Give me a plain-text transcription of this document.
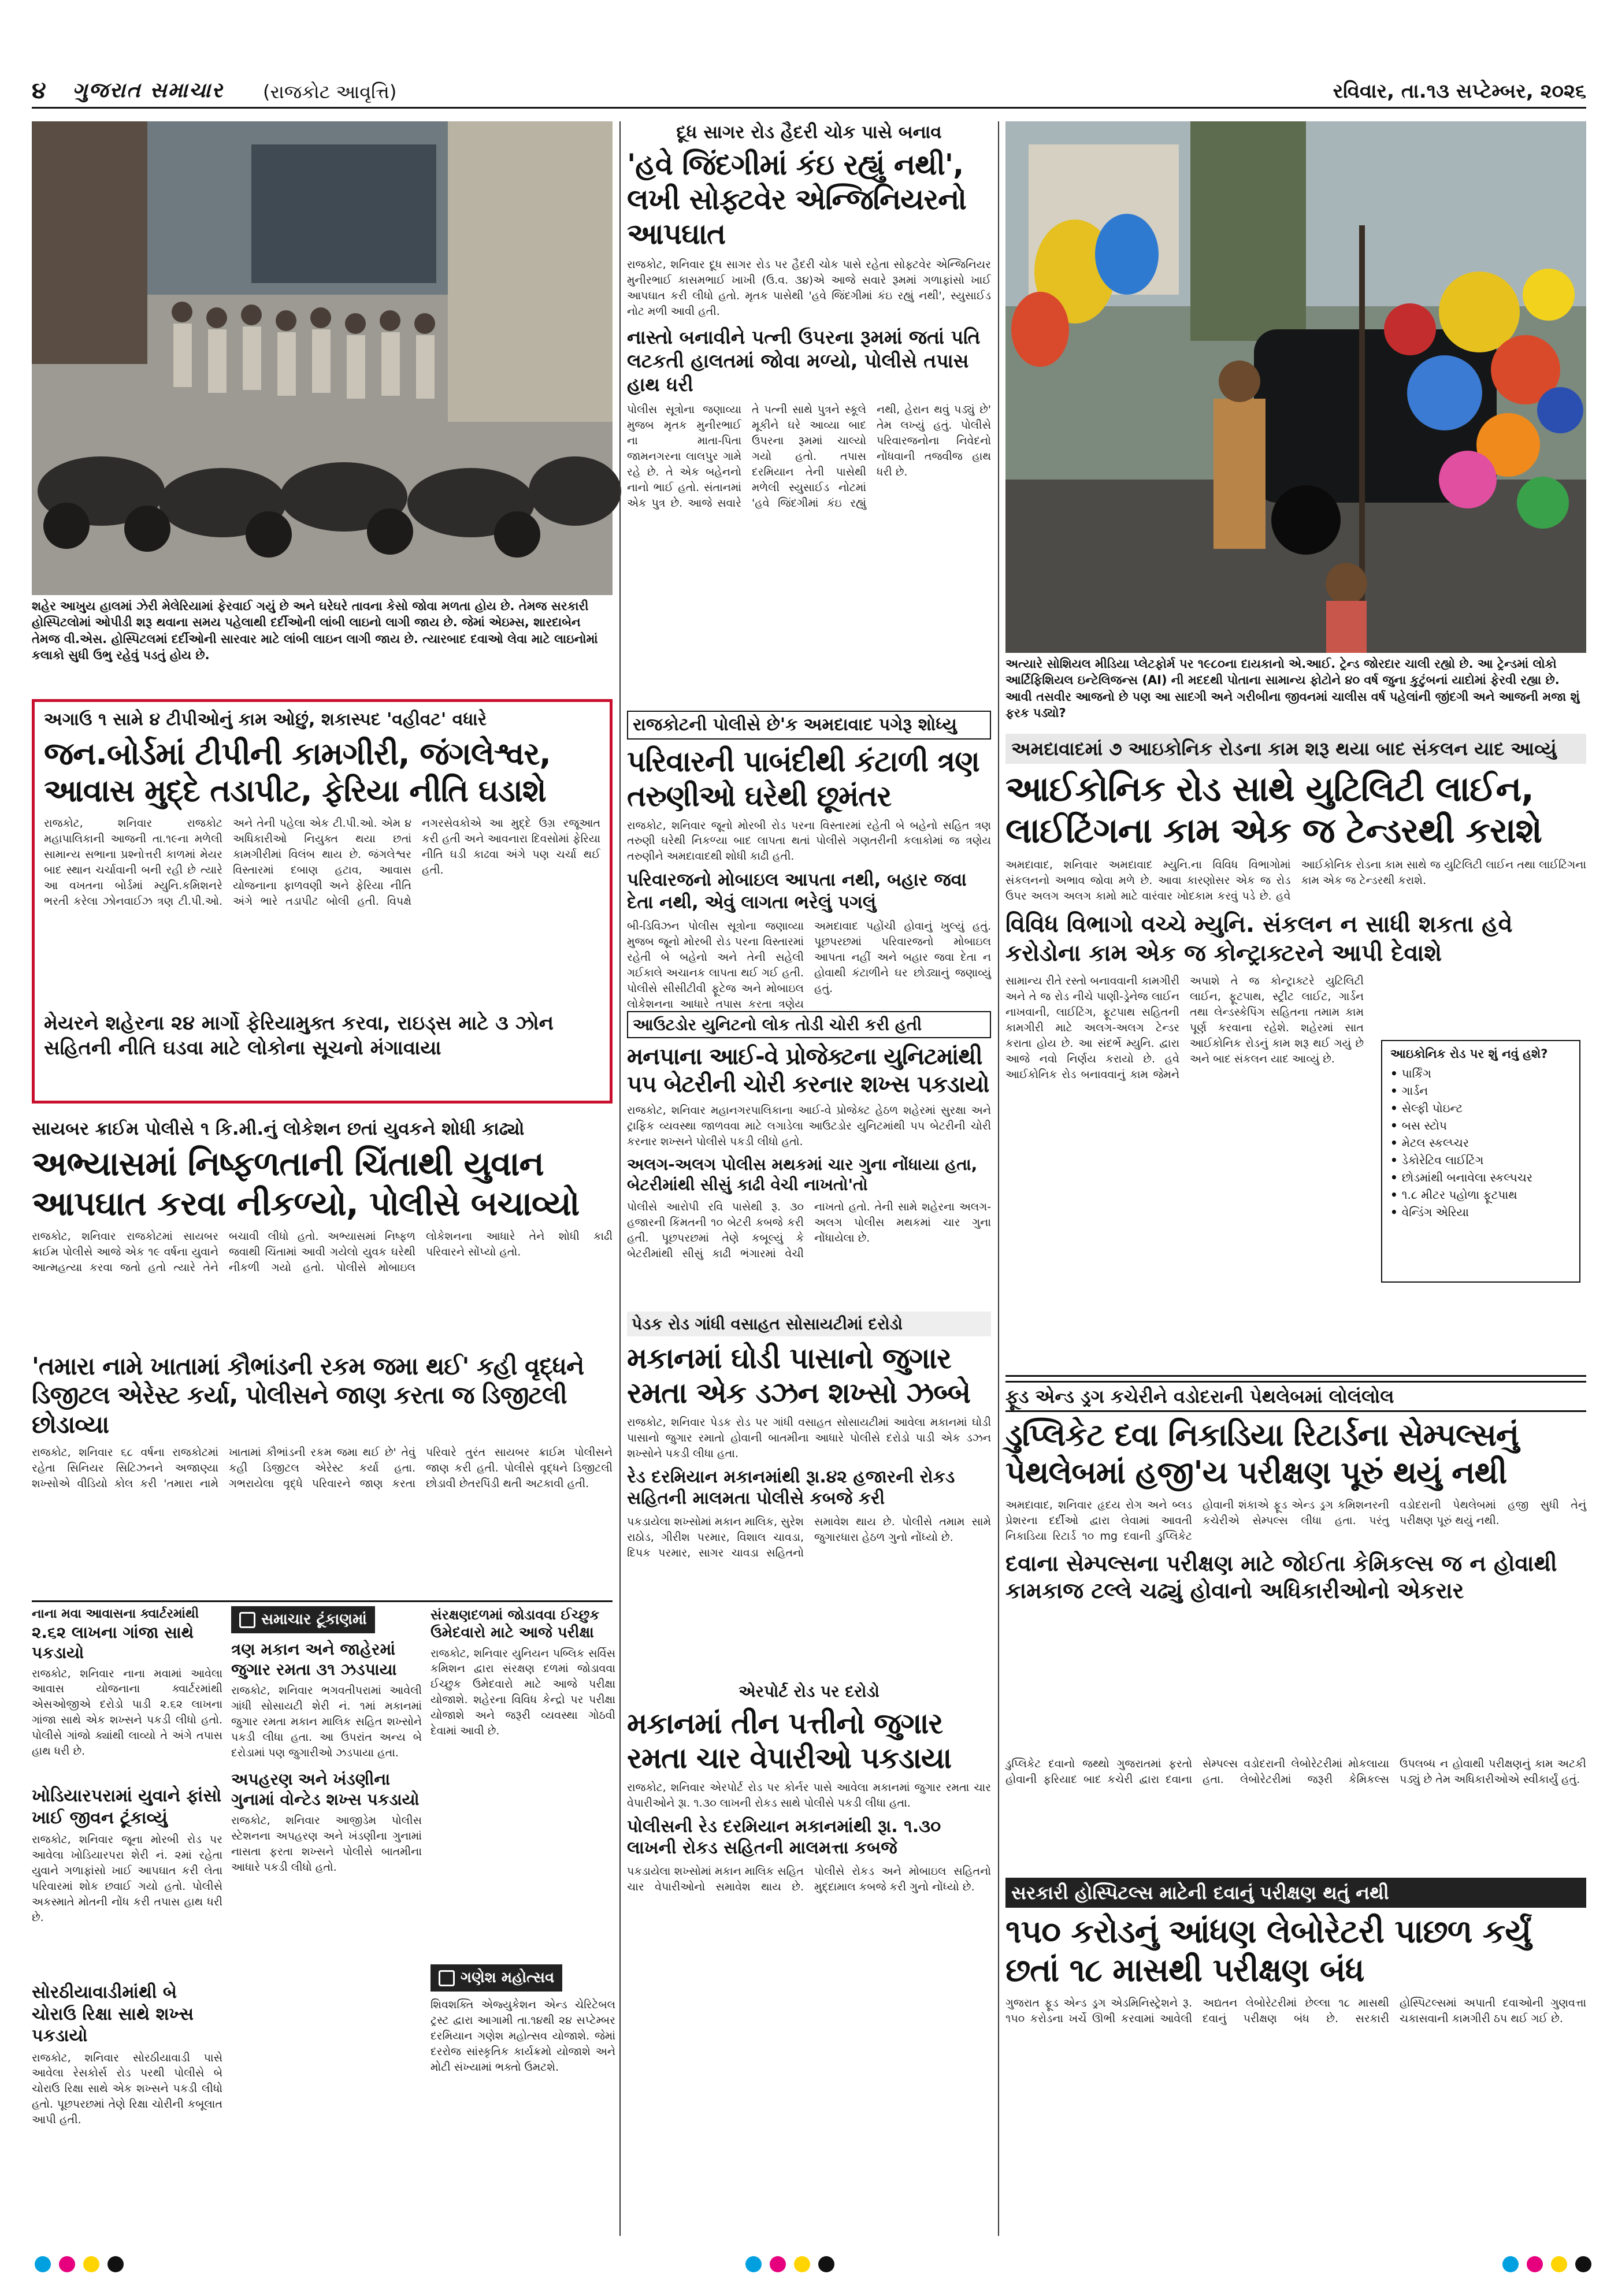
૪ ગુજરાત સમાચાર (રાજકોટ આવૃત્તિ)	રવિવાર, તા.૧૩ સપ્ટેમ્બર, ૨૦૨૬
શહેર આખુય હાલમાં ઝેરી મેલેરિયામાં ફેરવાઈ ગયું છે અને ઘરેઘરે તાવના કેસો જોવા મળતા હોય છે. તેમજ સરકારી હોસ્પિટલોમાં ઓપીડી શરૂ થવાના સમય પહેલાથી દર્દીઓની લાંબી લાઇનો લાગી જાય છે. જેમાં એઇમ્સ, શારદાબેન તેમજ વી.એસ. હોસ્પિટલમાં દર્દીઓની સારવાર માટે લાંબી લાઇન લાગી જાય છે. ત્યારબાદ દવાઓ લેવા માટે લાઇનોમાં કલાકો સુધી ઉભુ રહેવું પડતું હોય છે.
દૂધ સાગર રોડ હૈદરી ચોક પાસે બનાવ
'હવે જિંદગીમાં કંઇ રહ્યું નથી', લખી સોફ્ટવેર એન્જિનિયરનો આપઘાત
રાજકોટ, શનિવાર દૂધ સાગર રોડ પર હૈદરી ચોક પાસે રહેતા સોફ્ટવેર એન્જિનિયર મુનીરભાઈ કાસમભાઈ ખાખી (ઉ.વ. ૩૪)એ આજે સવારે રૂમમાં ગળાફાંસો ખાઈ આપઘાત કરી લીધો હતો. મૃતક પાસેથી 'હવે જિંદગીમાં કંઇ રહ્યું નથી', સ્યુસાઈડ નોટ મળી આવી હતી.
નાસ્તો બનાવીને પત્ની ઉપરના રૂમમાં જતાં પતિ લટકતી હાલતમાં જોવા મળ્યો, પોલીસે તપાસ હાથ ધરી
પોલીસ સૂત્રોના જણાવ્યા મુજબ મૃતક મુનીરભાઈ ના માતા-પિતા જામનગરના લાલપુર ગામે રહે છે. તે એક બહેનનો નાનો ભાઈ હતો. સંતાનમાં એક પુત્ર છે. આજે સવારે તે પત્ની સાથે પુત્રને સ્કૂલે મૂકીને ઘરે આવ્યા બાદ ઉપરના રૂમમાં ચાલ્યો ગયો હતો. તપાસ દરમિયાન તેની પાસેથી મળેલી સ્યુસાઈડ નોટમાં 'હવે જિંદગીમાં કંઇ રહ્યું નથી, હેરાન થવું પડ્યું છે' તેમ લખ્યું હતું. પોલીસે પરિવારજનોના નિવેદનો નોંધવાની તજવીજ હાથ ધરી છે.
અત્યારે સોશિયલ મીડિયા પ્લેટફોર્મ પર ૧૯૮૦ના દાયકાનો એ.આઈ. ટ્રેન્ડ જોરદાર ચાલી રહ્યો છે. આ ટ્રેન્ડમાં લોકો આર્ટિફિશિયલ ઇન્ટેલિજન્સ (AI) ની મદદથી પોતાના સામાન્ય ફોટોને ૪૦ વર્ષ જુના કુટુંબનાં યાદોમાં ફેરવી રહ્યા છે. આવી તસવીર આજનો છે પણ આ સાદગી અને ગરીબીના જીવનમાં ચાલીસ વર્ષ પહેલાંની જીંદગી અને આજની મજા શું ફરક પડ્યો?
અગાઉ ૧ સામે ૪ ટીપીઓનું કામ ઓછું, શકાસ્પદ 'વહીવટ' વધારે
જન.બોર્ડમાં ટીપીની કામગીરી, જંગલેશ્વર, આવાસ મુદ્દે તડાપીટ, ફેરિયા નીતિ ઘડાશે
રાજકોટ, શનિવાર રાજકોટ મહાપાલિકાની આજની તા.૧૯ના મળેલી સામાન્ય સભાના પ્રશ્નોત્તરી કાળમાં મેયર બાદ સ્થાન ચર્ચાવાની બની રહી છે ત્યારે આ વખતના બોર્ડમાં મ્યુનિ.કમિશનરે ભરતી કરેલા ઝોનવાઈઝ ત્રણ ટી.પી.ઓ. અને તેની પહેલા એક ટી.પી.ઓ. એમ ૪ અધિકારીઓ નિયુક્ત થયા છતાં કામગીરીમાં વિલંબ થાય છે. જંગલેશ્વર વિસ્તારમાં દબાણ હટાવ, આવાસ યોજનાના ફાળવણી અને ફેરિયા નીતિ અંગે ભારે તડાપીટ બોલી હતી. વિપક્ષે નગરસેવકોએ આ મુદ્દે ઉગ્ર રજૂઆત કરી હતી અને આવનારા દિવસોમાં ફેરિયા નીતિ ઘડી કાઢવા અંગે પણ ચર્ચા થઈ હતી.
મેયરને શહેરના ૨૪ માર્ગો ફેરિયામુક્ત કરવા, રાઇડ્સ માટે ૩ ઝોન સહિતની નીતિ ઘડવા માટે લોકોના સૂચનો મંગાવાયા
રાજકોટની પોલીસે છે'ક અમદાવાદ પગેરૂ શોધ્યુ
પરિવારની પાબંદીથી કંટાળી ત્રણ તરુણીઓ ઘરેથી છૂમંતર
રાજકોટ, શનિવાર જૂનો મોરબી રોડ પરના વિસ્તારમાં રહેતી બે બહેનો સહિત ત્રણ તરુણી ઘરેથી નિકળ્યા બાદ લાપતા થતાં પોલીસે ગણતરીની કલાકોમાં જ ત્રણેય તરુણીને અમદાવાદથી શોધી કાઢી હતી.
પરિવારજનો મોબાઇલ આપતા નથી, બહાર જવા દેતા નથી, એવું લાગતા ભરેલું પગલું
બી-ડિવિઝન પોલીસ સૂત્રોના જણાવ્યા મુજબ જૂનો મોરબી રોડ પરના વિસ્તારમાં રહેતી બે બહેનો અને તેની સહેલી ગઈકાલે અચાનક લાપતા થઈ ગઈ હતી. પોલીસે સીસીટીવી ફૂટેજ અને મોબાઇલ લોકેશનના આધારે તપાસ કરતા ત્રણેય અમદાવાદ પહોંચી હોવાનું ખુલ્યું હતું. પૂછપરછમાં પરિવારજનો મોબાઇલ આપતા નહીં અને બહાર જવા દેતા ન હોવાથી કંટાળીને ઘર છોડ્યાનું જણાવ્યું હતું.
અમદાવાદમાં ૭ આઇકોનિક રોડના કામ શરૂ થયા બાદ સંકલન યાદ આવ્યું
આઈકોનિક રોડ સાથે યુટિલિટી લાઈન, લાઈટિંગના કામ એક જ ટેન્ડરથી કરાશે
અમદાવાદ, શનિવાર અમદાવાદ મ્યુનિ.ના વિવિધ વિભાગોમાં સંકલનનો અભાવ જોવા મળે છે. આવા કારણોસર એક જ રોડ ઉપર અલગ અલગ કામો માટે વારંવાર ખોદકામ કરવું પડે છે. હવે આઈકોનિક રોડના કામ સાથે જ યુટિલિટી લાઈન તથા લાઈટિંગના કામ એક જ ટેન્ડરથી કરાશે.
વિવિધ વિભાગો વચ્ચે મ્યુનિ. સંકલન ન સાધી શકતા હવે કરોડોના કામ એક જ કોન્ટ્રાક્ટરને આપી દેવાશે
સામાન્ય રીતે રસ્તો બનાવવાની કામગીરી અને તે જ રોડ નીચે પાણી-ડ્રેનેજ લાઈન નાખવાની, લાઈટિંગ, ફૂટપાથ સહિતની કામગીરી માટે અલગ-અલગ ટેન્ડર કરાતા હોય છે. આ સંદર્ભે મ્યુનિ. દ્વારા આજે નવો નિર્ણય કરાયો છે. હવે આઈકોનિક રોડ બનાવવાનું કામ જેમને અપાશે તે જ કોન્ટ્રાક્ટરે યુટિલિટી લાઈન, ફૂટપાથ, સ્ટ્રીટ લાઈટ, ગાર્ડન તથા લેન્ડસ્કેપિંગ સહિતના તમામ કામ પૂર્ણ કરવાના રહેશે. શહેરમાં સાત આઈકોનિક રોડનું કામ શરૂ થઈ ગયું છે અને બાદ સંકલન યાદ આવ્યું છે.	આઇકોનિક રોડ પર શું નવું હશે?
• પાર્કિંગ
• ગાર્ડન
• સેલ્ફી પોઇન્ટ
• બસ સ્ટોપ
• મેટલ સ્કલ્પ્ચર
• ડેકોરેટિવ લાઈટિંગ
• છોડમાંથી બનાવેલા સ્કલ્પચર
• ૧.૮ મીટર પહોળા ફૂટપાથ
• વેન્ડિંગ એરિયા
સાયબર ક્રાઈમ પોલીસે ૧ કિ.મી.નું લોકેશન છતાં યુવકને શોધી કાઢ્યો
અભ્યાસમાં નિષ્ફળતાની ચિંતાથી યુવાન આપઘાત કરવા નીકળ્યો, પોલીસે બચાવ્યો
રાજકોટ, શનિવાર રાજકોટમાં સાયબર ક્રાઈમ પોલીસે આજે એક ૧૯ વર્ષના યુવાને આત્મહત્યા કરવા જતો હતો ત્યારે તેને બચાવી લીધો હતો. અભ્યાસમાં નિષ્ફળ જવાથી ચિંતામાં આવી ગયેલો યુવક ઘરેથી નીકળી ગયો હતો. પોલીસે મોબાઇલ લોકેશનના આધારે તેને શોધી કાઢી પરિવારને સોંપ્યો હતો.
'તમારા નામે ખાતામાં કૌભાંડની રકમ જમા થઈ' કહી વૃદ્ધને ડિજીટલ એરેસ્ટ કર્યા, પોલીસને જાણ કરતા જ ડિજીટલી છોડાવ્યા
રાજકોટ, શનિવાર ૬૮ વર્ષના રાજકોટમાં રહેતા સિનિયર સિટિઝનને અજાણ્યા શખ્સોએ વીડિયો કોલ કરી 'તમારા નામે ખાતામાં કૌભાંડની રકમ જમા થઈ છે' તેવું કહી ડિજીટલ એરેસ્ટ કર્યા હતા. ગભરાયેલા વૃદ્ધે પરિવારને જાણ કરતા પરિવારે તુરંત સાયબર ક્રાઈમ પોલીસને જાણ કરી હતી. પોલીસે વૃદ્ધને ડિજીટલી છોડાવી છેતરપિંડી થતી અટકાવી હતી.
આઉટડોર યુનિટનો લોક તોડી ચોરી કરી હતી
મનપાના આઈ-વે પ્રોજેક્ટના યુનિટમાંથી ૫૫ બેટરીની ચોરી કરનાર શખ્સ પકડાયો
રાજકોટ, શનિવાર મહાનગરપાલિકાના આઈ-વે પ્રોજેક્ટ હેઠળ શહેરમાં સુરક્ષા અને ટ્રાફિક વ્યવસ્થા જાળવવા માટે લગાડેલા આઉટડોર યુનિટમાંથી ૫૫ બેટરીની ચોરી કરનાર શખ્સને પોલીસે પકડી લીધો હતો.
અલગ-અલગ પોલીસ મથકમાં ચાર ગુના નોંધાયા હતા, બેટરીમાંથી સીસું કાઢી વેચી નાખતો'તો
પોલીસે આરોપી રવિ પાસેથી રૂ. ૩૦ હજારની કિંમતની ૧૦ બેટરી કબજે કરી હતી. પૂછપરછમાં તેણે કબૂલ્યું કે બેટરીમાંથી સીસું કાઢી ભંગારમાં વેચી નાખતો હતો. તેની સામે શહેરના અલગ-અલગ પોલીસ મથકમાં ચાર ગુના નોંધાયેલા છે.
ફૂડ એન્ડ ડ્રગ કચેરીને વડોદરાની પેથલેબમાં લોલંલોલ
ડુપ્લિકેટ દવા નિકાડિયા રિટાર્ડના સેમ્પલ્સનું પેથલેબમાં હજી'ય પરીક્ષણ પૂરું થયું નથી
અમદાવાદ, શનિવાર હૃદય રોગ અને બ્લડ પ્રેશરના દર્દીઓ દ્વારા લેવામાં આવતી નિકાડિયા રિટાર્ડ ૧૦ mg દવાની ડુપ્લિકેટ હોવાની શંકાએ ફૂડ એન્ડ ડ્રગ કમિશનરની કચેરીએ સેમ્પલ્સ લીધા હતા. પરંતુ વડોદરાની પેથલેબમાં હજી સુધી તેનું પરીક્ષણ પૂરું થયું નથી.
દવાના સેમ્પલ્સના પરીક્ષણ માટે જોઈતા કેમિકલ્સ જ ન હોવાથી કામકાજ ટલ્લે ચઢ્યું હોવાનો અધિકારીઓનો એકરાર
ડુપ્લિકેટ દવાનો જથ્થો ગુજરાતમાં ફરતો હોવાની ફરિયાદ બાદ કચેરી દ્વારા દવાના સેમ્પલ્સ વડોદરાની લેબોરેટરીમાં મોકલાયા હતા. લેબોરેટરીમાં જરૂરી કેમિકલ્સ ઉપલબ્ધ ન હોવાથી પરીક્ષણનું કામ અટકી પડ્યું છે તેમ અધિકારીઓએ સ્વીકાર્યું હતું.
સરકારી હોસ્પિટલ્સ માટેની દવાનું પરીક્ષણ થતું નથી
૧૫૦ કરોડનું આંધણ લેબોરેટરી પાછળ કર્યું છતાં ૧૮ માસથી પરીક્ષણ બંધ
ગુજરાત ફૂડ એન્ડ ડ્રગ એડમિનિસ્ટ્રેશને રૂ. ૧૫૦ કરોડના ખર્ચે ઊભી કરવામાં આવેલી અદ્યતન લેબોરેટરીમાં છેલ્લા ૧૮ માસથી દવાનું પરીક્ષણ બંધ છે. સરકારી હોસ્પિટલ્સમાં અપાતી દવાઓની ગુણવત્તા ચકાસવાની કામગીરી ઠપ થઈ ગઈ છે.
પેડક રોડ ગાંધી વસાહત સોસાયટીમાં દરોડો
મકાનમાં ઘોડી પાસાનો જુગાર રમતા એક ડઝન શખ્સો ઝબ્બે
રાજકોટ, શનિવાર પેડક રોડ પર ગાંધી વસાહત સોસાયટીમાં આવેલા મકાનમાં ઘોડી પાસાનો જુગાર રમાતો હોવાની બાતમીના આધારે પોલીસે દરોડો પાડી એક ડઝન શખ્સોને પકડી લીધા હતા.
રેડ દરમિયાન મકાનમાંથી રૂા.૪૨ હજારની રોકડ સહિતની માલમતા પોલીસે કબજે કરી
પકડાયેલા શખ્સોમાં મકાન માલિક, સુરેશ રાઠોડ, ગીરીશ પરમાર, વિશાલ ચાવડા, દિપક પરમાર, સાગર ચાવડા સહિતનો સમાવેશ થાય છે. પોલીસે તમામ સામે જુગારધારા હેઠળ ગુનો નોંધ્યો છે.
એરપોર્ટ રોડ પર દરોડો
મકાનમાં તીન પત્તીનો જુગાર રમતા ચાર વેપારીઓ પકડાયા
રાજકોટ, શનિવાર એરપોર્ટ રોડ પર કોર્નર પાસે આવેલા મકાનમાં જુગાર રમતા ચાર વેપારીઓને રૂા. ૧.૩૦ લાખની રોકડ સાથે પોલીસે પકડી લીધા હતા.
પોલીસની રેડ દરમિયાન મકાનમાંથી રૂા. ૧.૩૦ લાખની રોકડ સહિતની માલમત્તા કબજે
પકડાયેલા શખ્સોમાં મકાન માલિક સહિત ચાર વેપારીઓનો સમાવેશ થાય છે. પોલીસે રોકડ અને મોબાઇલ સહિતનો મુદ્દામાલ કબજે કરી ગુનો નોંધ્યો છે.
નાના મવા આવાસના ક્વાર્ટરમાંથી
૨.૬૨ લાખના ગાંજા સાથે પકડાયો
રાજકોટ, શનિવાર નાના મવામાં આવેલા આવાસ યોજનાના ક્વાર્ટરમાંથી એસઓજીએ દરોડો પાડી ૨.૬૨ લાખના ગાંજા સાથે એક શખ્સને પકડી લીધો હતો. પોલીસે ગાંજો ક્યાંથી લાવ્યો તે અંગે તપાસ હાથ ધરી છે.
ખોડિયારપરામાં યુવાને ફાંસો ખાઈ જીવન ટૂંકાવ્યું
રાજકોટ, શનિવાર જૂના મોરબી રોડ પર આવેલા ખોડિયારપરા શેરી નં. ૨માં રહેતા યુવાને ગળાફાંસો ખાઈ આપઘાત કરી લેતા પરિવારમાં શોક છવાઈ ગયો હતો. પોલીસે અકસ્માતે મોતની નોંધ કરી તપાસ હાથ ધરી છે.
સોરઠીયાવાડીમાંથી બે ચોરાઉ રિક્ષા સાથે શખ્સ પકડાયો
રાજકોટ, શનિવાર સોરઠીયાવાડી પાસે આવેલા રેસકોર્સ રોડ પરથી પોલીસે બે ચોરાઉ રિક્ષા સાથે એક શખ્સને પકડી લીધો હતો. પૂછપરછમાં તેણે રિક્ષા ચોરીની કબૂલાત આપી હતી.
સમાચાર ટૂંકાણમાં
ત્રણ મકાન અને જાહેરમાં જુગાર રમતા ૩૧ ઝડપાયા
રાજકોટ, શનિવાર ભગવતીપરામાં આવેલી ગાંધી સોસાયટી શેરી નં. ૧માં મકાનમાં જુગાર રમતા મકાન માલિક સહિત શખ્સોને પકડી લીધા હતા. આ ઉપરાંત અન્ય બે દરોડામાં પણ જુગારીઓ ઝડપાયા હતા.
અપહરણ અને ખંડણીના ગુનામાં વોન્ટેડ શખ્સ પકડાયો
રાજકોટ, શનિવાર આજીડેમ પોલીસ સ્ટેશનના અપહરણ અને ખંડણીના ગુનામાં નાસતા ફરતા શખ્સને પોલીસે બાતમીના આધારે પકડી લીધો હતો.
સંરક્ષણદળમાં જોડાવવા ઈચ્છુક
ઉમેદવારો માટે આજે પરીક્ષા
રાજકોટ, શનિવાર યુનિયન પબ્લિક સર્વિસ કમિશન દ્વારા સંરક્ષણ દળમાં જોડાવવા ઈચ્છુક ઉમેદવારો માટે આજે પરીક્ષા યોજાશે. શહેરના વિવિધ કેન્દ્રો પર પરીક્ષા યોજાશે અને જરૂરી વ્યવસ્થા ગોઠવી દેવામાં આવી છે.
ગણેશ મહોત્સવ
શિવશક્તિ એજ્યુકેશન એન્ડ ચેરિટેબલ ટ્રસ્ટ દ્વારા આગામી તા.૧૪થી ૨૪ સપ્ટેમ્બર દરમિયાન ગણેશ મહોત્સવ યોજાશે. જેમાં દરરોજ સાંસ્કૃતિક કાર્યક્રમો યોજાશે અને મોટી સંખ્યામાં ભક્તો ઉમટશે.
